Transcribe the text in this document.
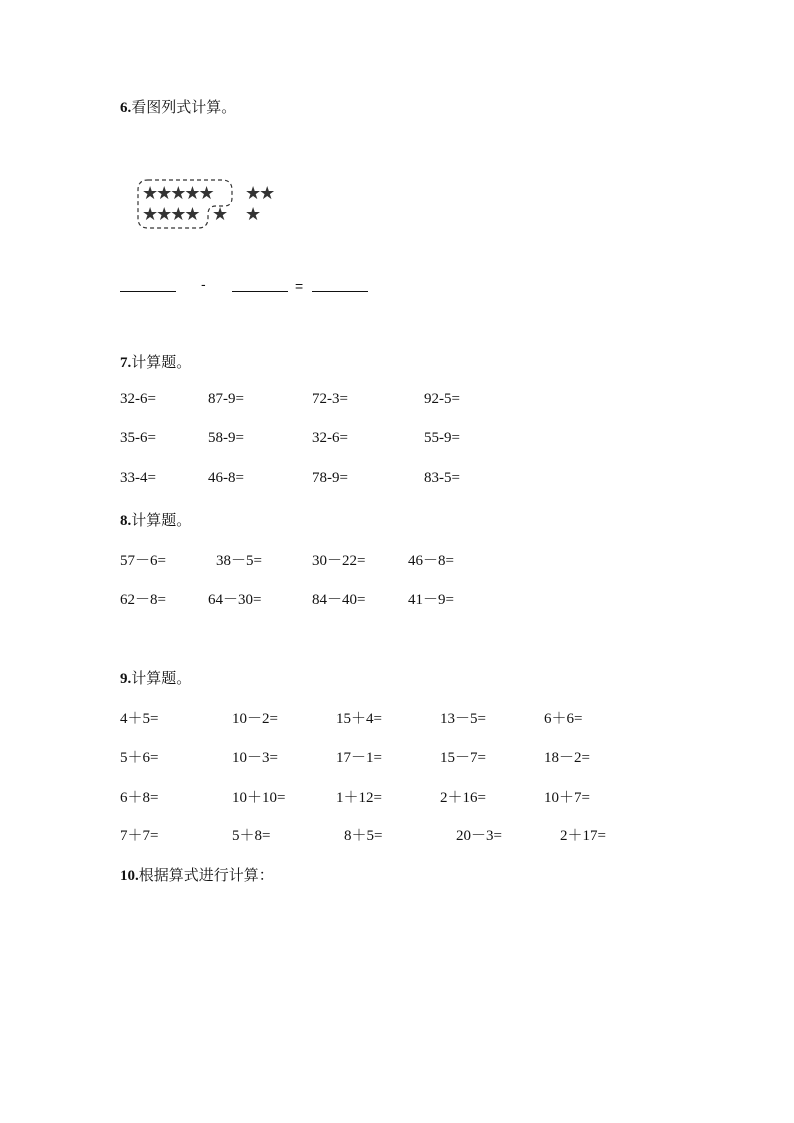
6.看图列式计算。
★★★★★
★★★★ ★
★★
★
-	=
7.计算题。
32-6=	87-9=	72-3=	92-5=
35-6=	58-9=	32-6=	55-9=
33-4=	46-8=	78-9=	83-5=
8.计算题。
57－6=	38－5=	30－22=	46－8=
62－8=	64－30=	84－40=	41－9=
9.计算题。
4＋5=	10－2=	15＋4=	13－5=	6＋6=
5＋6=	10－3=	17－1=	15－7=	18－2=
6＋8=	10＋10=	1＋12=	2＋16=	10＋7=
7＋7=	5＋8=	8＋5=	20－3=	2＋17=
10.根据算式进行计算：
